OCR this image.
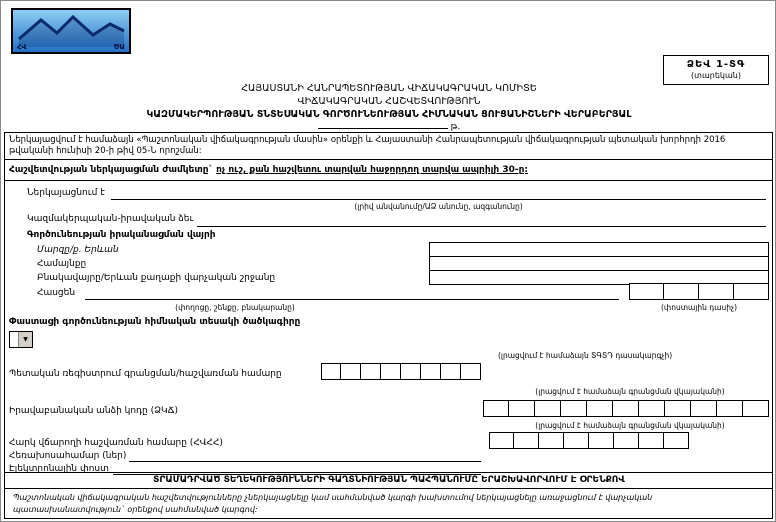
ՀՎ	ԾԱ
ՁԵՎ 1-ՏԳ
(տարեկան)
ՀԱՅԱՍՏԱՆԻ ՀԱՆՐԱՊԵՏՈՒԹՅԱՆ ՎԻՃԱԿԱԳՐԱԿԱՆ ԿՈՄԻՏԵ
ՎԻՃԱԿԱԳՐԱԿԱՆ ՀԱՇՎԵՏՎՈՒԹՅՈՒՆ
ԿԱԶՄԱԿԵՐՊՈՒԹՅԱՆ ՏՆՏԵՍԱԿԱՆ ԳՈՐԾՈՒՆԵՈՒԹՅԱՆ ՀԻՄՆԱԿԱՆ ՑՈՒՑԱՆԻՇՆԵՐԻ ՎԵՐԱԲԵՐՅԱԼ
թ.
Ներկայացվում է համաձայն «Պաշտոնական վիճակագրության մասին» օրենքի և Հայաստանի Հանրապետության վիճակագրության պետական խորհրդի 2016 թվականի հունիսի 20-ի թիվ 05-Ն որոշման:
Հաշվետվության ներկայացման ժամկետը` ոչ ուշ, քան հաշվետու տարվան հաջորդող տարվա ապրիլի 30-ը:
Ներկայացնում է
(լրիվ անվանումը/ԱՁ անունը, ազգանունը)
Կազմակերպական-իրավական ձեւ
Գործունեության իրականացման վայրի
Մարզը/ք. Երևան
Համայնքը
Բնակավայրը/Երևան քաղաքի վարչական շրջանը
Հասցեն
(փողոցը, շենքը, բնակարանը)	(փոստային դասիչ)
Փաստացի գործունեության հիմնական տեսակի ծածկագիրը
▼
(լրացվում է համաձայն ՏԳՏԴ դասակարգչի)
Պետական ռեգիստրում գրանցման/հաշվառման համարը
(լրացվում է համաձայն գրանցման վկայականի)
Իրավաբանական անձի կոդը (ՁԿՃ)
(լրացվում է համաձայն գրանցման վկայականի)
Հարկ վճարողի հաշվառման համարը (ՀՎՀՀ)
Հեռախոսահամար (ներ)
Էլեկտրոնային փոստ
ՏՐԱՄԱԴՐՎԱԾ ՏԵՂԵԿՈՒԹՅՈՒՆՆԵՐԻ ԳԱՂՏՆԻՈՒԹՅԱՆ ՊԱՀՊԱՆՈՒՄԸ ԵՐԱՇԽԱՎՈՐՎՈՒՄ Է ՕՐԵՆՔՈՎ
Պաշտոնական վիճակագրական հաշվետվությունները չներկայացնելը կամ սահմանված կարգի խախտումով ներկայացնելը առաջացնում է վարչական պատասխանատվություն` օրենքով սահմանված կարգով:
